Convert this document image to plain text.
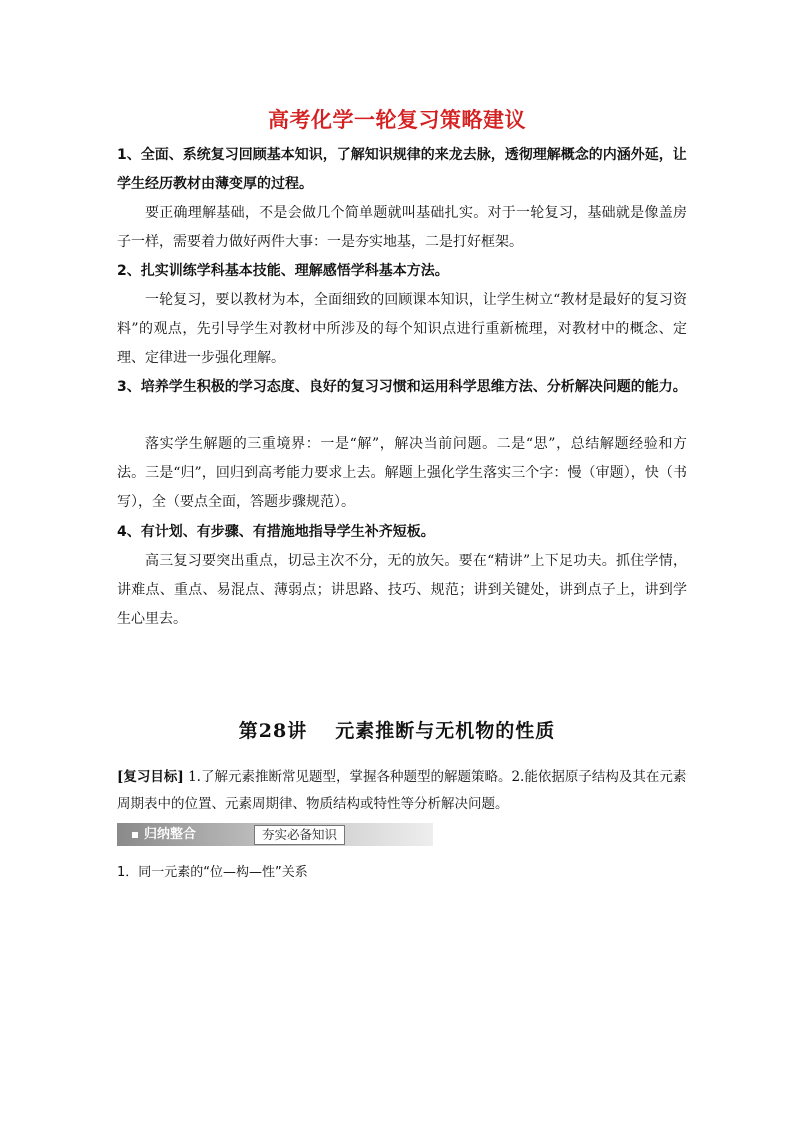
高考化学一轮复习策略建议
1、全面、系统复习回顾基本知识，了解知识规律的来龙去脉，透彻理解概念的内涵外延，让学生经历教材由薄变厚的过程。
要正确理解基础，不是会做几个简单题就叫基础扎实。对于一轮复习，基础就是像盖房子一样，需要着力做好两件大事：一是夯实地基，二是打好框架。
2、扎实训练学科基本技能、理解感悟学科基本方法。
一轮复习，要以教材为本，全面细致的回顾课本知识，让学生树立“教材是最好的复习资料”的观点，先引导学生对教材中所涉及的每个知识点进行重新梳理，对教材中的概念、定理、定律进一步强化理解。
3、培养学生积极的学习态度、良好的复习习惯和运用科学思维方法、分析解决问题的能力。
落实学生解题的三重境界：一是“解”，解决当前问题。二是“思”，总结解题经验和方法。三是“归”，回归到高考能力要求上去。解题上强化学生落实三个字：慢（审题），快（书写），全（要点全面，答题步骤规范）。
4、有计划、有步骤、有措施地指导学生补齐短板。
高三复习要突出重点，切忌主次不分，无的放矢。要在“精讲”上下足功夫。抓住学情，讲难点、重点、易混点、薄弱点；讲思路、技巧、规范；讲到关键处，讲到点子上，讲到学生心里去。
第28讲 元素推断与无机物的性质
[复习目标] 1.了解元素推断常见题型，掌握各种题型的解题策略。2.能依据原子结构及其在元素周期表中的位置、元素周期律、物质结构或特性等分析解决问题。
归纳整合	夯实必备知识
1．同一元素的“位—构—性”关系
